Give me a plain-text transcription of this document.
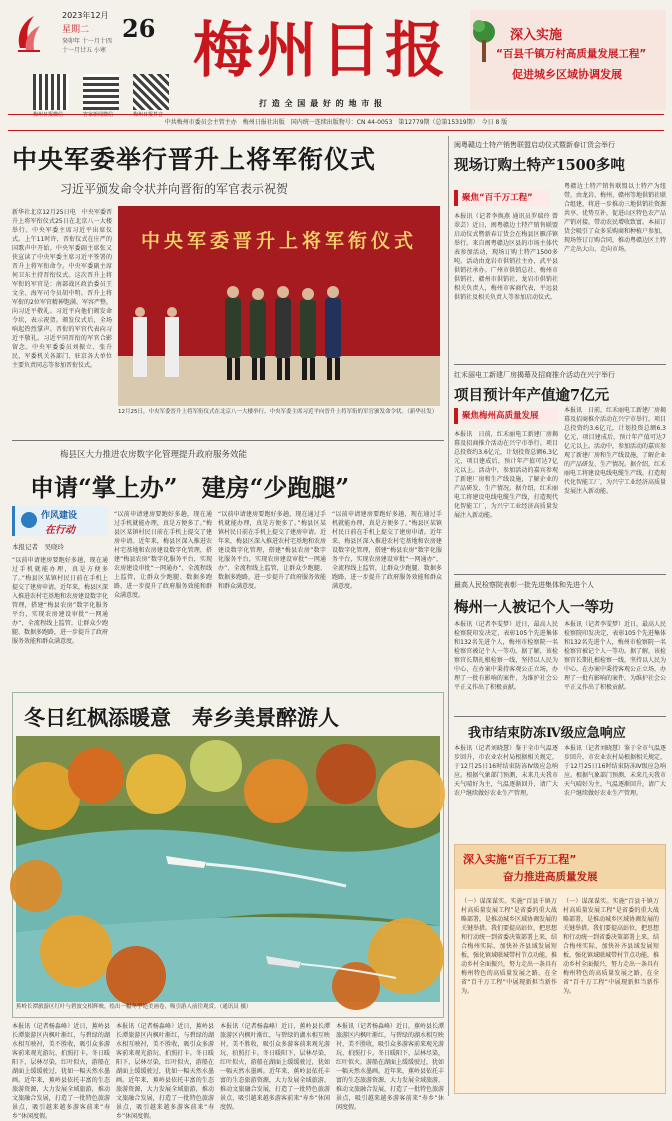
2023年12月
星期二 26
癸卯年 十一月十四
十一月廿五 小寒
梅州日报微信	客家新闻微信	梅州日报抖音
梅州日报
打 造 全 国 最 好 的 地 市 报
深入实施
“百县千镇万村高质量发展工程”
促进城乡区域协调发展
中共梅州市委员会主管主办　梅州日报社出版　国内统一连续出版物号：CN 44-0053　第12779期（总第15319期）　今日 8 版
中央军委举行晋升上将军衔仪式
习近平颁发命令状并向晋衔的军官表示祝贺
新华社北京12月25日电　中央军委晋升上将军衔仪式25日在北京八一大楼举行。中央军委主席习近平出席仪式。上午11时许，晋衔仪式在庄严的国歌声中开始。中央军委副主席张又侠宣读了中央军委主席习近平签署的晋升上将军衔命令。中央军委副主席何卫东主持晋衔仪式。这次晋升上将军衔的军官是：南部战区政治委员王文全、海军司令员胡中明。晋升上将军衔的2位军官精神饱满、军容严整，向习近平敬礼。习近平向他们颁发命令状，表示祝贺。颁发仪式后，全场响起热烈掌声。晋衔的军官代表向习近平敬礼。习近平同晋衔的军官合影留念。中央军委委员刘振立、张升民，军委机关各部门、驻京各大单位主要负责同志等参加晋衔仪式。
中央军委晋升上将军衔仪式
12月25日，中央军委晋升上将军衔仪式在北京八一大楼举行。中央军委主席习近平向晋升上将军衔的军官颁发命令状。（新华社发）
梅县区大力推进农房数字化管理提升政府服务效能
申请“掌上办”　建房“少跑腿”
作风建设
在行动
本报记者　吴晓玲
“以前申请建房要跑好多趟，现在通过手机就能办理，真是方便多了。”梅县区某镇村民日前在手机上提交了建房申请。近年来，梅县区深入推进农村宅基地和农房建设数字化管理，搭建“梅县农房”数字化服务平台，实现农房建设审批“一网通办”、全流程线上监管，让群众少跑腿、数据多跑路，进一步提升了政府服务效能和群众满意度。
“以前申请建房要跑好多趟，现在通过手机就能办理，真是方便多了。”梅县区某镇村民日前在手机上提交了建房申请。近年来，梅县区深入推进农村宅基地和农房建设数字化管理，搭建“梅县农房”数字化服务平台，实现农房建设审批“一网通办”、全流程线上监管，让群众少跑腿、数据多跑路，进一步提升了政府服务效能和群众满意度。
“以前申请建房要跑好多趟，现在通过手机就能办理，真是方便多了。”梅县区某镇村民日前在手机上提交了建房申请。近年来，梅县区深入推进农村宅基地和农房建设数字化管理，搭建“梅县农房”数字化服务平台，实现农房建设审批“一网通办”、全流程线上监管，让群众少跑腿、数据多跑路，进一步提升了政府服务效能和群众满意度。
“以前申请建房要跑好多趟，现在通过手机就能办理，真是方便多了。”梅县区某镇村民日前在手机上提交了建房申请。近年来，梅县区深入推进农村宅基地和农房建设数字化管理，搭建“梅县农房”数字化服务平台，实现农房建设审批“一网通办”、全流程线上监管，让群众少跑腿、数据多跑路，进一步提升了政府服务效能和群众满意度。
冬日红枫添暖意　寿乡美景醉游人
蕉岭长潭旅游区红叶与碧波交相辉映，绘出一幅冬季绝美画卷，吸引游人前往观赏。（通讯员 摄）
本报讯（记者杨淼峰）近日，蕉岭县长潭旅游区内枫叶渐红，与碧绿的湖水相互映衬，美不胜收，吸引众多游客前来观光游玩、拍照打卡。冬日暖阳下，层林尽染，红叶似火，游船在湖面上缓缓驶过，犹如一幅天然水墨画。近年来，蕉岭县依托丰富的生态旅游资源，大力发展全域旅游，推动文旅融合发展，打造了一批特色旅游景点，吸引越来越多游客前来“寿乡”休闲度假。
本报讯（记者杨淼峰）近日，蕉岭县长潭旅游区内枫叶渐红，与碧绿的湖水相互映衬，美不胜收，吸引众多游客前来观光游玩、拍照打卡。冬日暖阳下，层林尽染，红叶似火，游船在湖面上缓缓驶过，犹如一幅天然水墨画。近年来，蕉岭县依托丰富的生态旅游资源，大力发展全域旅游，推动文旅融合发展，打造了一批特色旅游景点，吸引越来越多游客前来“寿乡”休闲度假。
本报讯（记者杨淼峰）近日，蕉岭县长潭旅游区内枫叶渐红，与碧绿的湖水相互映衬，美不胜收，吸引众多游客前来观光游玩、拍照打卡。冬日暖阳下，层林尽染，红叶似火，游船在湖面上缓缓驶过，犹如一幅天然水墨画。近年来，蕉岭县依托丰富的生态旅游资源，大力发展全域旅游，推动文旅融合发展，打造了一批特色旅游景点，吸引越来越多游客前来“寿乡”休闲度假。
本报讯（记者杨淼峰）近日，蕉岭县长潭旅游区内枫叶渐红，与碧绿的湖水相互映衬，美不胜收，吸引众多游客前来观光游玩、拍照打卡。冬日暖阳下，层林尽染，红叶似火，游船在湖面上缓缓驶过，犹如一幅天然水墨画。近年来，蕉岭县依托丰富的生态旅游资源，大力发展全域旅游，推动文旅融合发展，打造了一批特色旅游景点，吸引越来越多游客前来“寿乡”休闲度假。
闽粤赣边土特产销售联盟启动仪式暨新春订货会举行
现场订购土特产1500多吨
聚焦“百千万工程”
本报讯（记者李焕燕 通讯员罗瑞玲 曾翠芸）近日，闽粤赣边土特产销售联盟启动仪式暨新春订货会在梅县区雁洋镇举行。来自闽粤赣边区县的市场主体代表参加活动，现场订购土特产1500多吨。活动由龙岩市供销社主办，武平县供销社承办。广州市供销总社、梅州市供销社、赣州市供销社、龙岩市供销社相关负责人，梅州市客商代表，平远县供销社及相关负责人等参加启动仪式。
粤赣边土特产销售联盟以土特产为纽带，由龙岩、梅州、赣州等地供销社联合组建，将进一步推动三地供销社资源共享、优势互补，促进山区特色农产品产销对接，带动农民增收致富。本届订货会吸引了众多采购商和种植户参加，现场签订订购合同，推动粤赣边区土特产走出大山、走向市场。
红禾丽电工新建厂房揭幕及招商推介活动在兴宁举行
项目预计年产值逾7亿元
聚焦梅州高质量发展
本报讯　日前，红禾丽电工新建厂房揭幕及招商推介活动在兴宁市举行。项目总投资约3.6亿元，计划投资总额6.3亿元，项目建成后，预计年产值可达7亿元以上。活动中，参加活动的嘉宾参观了新建厂房和生产线设施，了解企业的产品研发、生产情况。据介绍，红禾丽电工将建设电线电缆生产线，打造现代化智能工厂，为兴宁工业经济高质量发展注入新动能。
本报讯　日前，红禾丽电工新建厂房揭幕及招商推介活动在兴宁市举行。项目总投资约3.6亿元，计划投资总额6.3亿元，项目建成后，预计年产值可达7亿元以上。活动中，参加活动的嘉宾参观了新建厂房和生产线设施，了解企业的产品研发、生产情况。据介绍，红禾丽电工将建设电线电缆生产线，打造现代化智能工厂，为兴宁工业经济高质量发展注入新动能。
最高人民检察院表彰一批先进集体和先进个人
梅州一人被记个人一等功
本报讯（记者李雯梦）近日，最高人民检察院印发决定，表彰105个先进集体和132名先进个人，梅州市检察院一名检察官被记个人一等功。据了解，该检察官长期扎根检察一线，坚持以人民为中心，在办案中秉持客观公正立场，办理了一批有影响的案件，为维护社会公平正义作出了积极贡献。
本报讯（记者李雯梦）近日，最高人民检察院印发决定，表彰105个先进集体和132名先进个人，梅州市检察院一名检察官被记个人一等功。据了解，该检察官长期扎根检察一线，坚持以人民为中心，在办案中秉持客观公正立场，办理了一批有影响的案件，为维护社会公平正义作出了积极贡献。
我市结束防冻Ⅳ级应急响应
本报讯（记者刘晓慧）鉴于全市气温逐步回升，市农业农村局根据相关规定，于12月25日16时结束防冻Ⅳ级应急响应。根据气象部门预测，未来几天我市天气晴好为主，气温逐渐回升，请广大农户继续做好农业生产管理。
本报讯（记者刘晓慧）鉴于全市气温逐步回升，市农业农村局根据相关规定，于12月25日16时结束防冻Ⅳ级应急响应。根据气象部门预测，未来几天我市天气晴好为主，气温逐渐回升，请广大农户继续做好农业生产管理。
深入实施“百千万工程”
奋力推进高质量发展
（一）谋深谋实。实施“百县千镇万村高质量发展工程”是省委的重大战略部署，是推动城乡区域协调发展的关键举措。我们要提高站位，把思想和行动统一到省委决策部署上来，结合梅州实际，加快补齐县域发展短板，强化镇域联城带村节点功能，推动乡村全面振兴，努力走出一条具有梅州特色的高质量发展之路，在全省“百千万工程”中展现新担当新作为。
（一）谋深谋实。实施“百县千镇万村高质量发展工程”是省委的重大战略部署，是推动城乡区域协调发展的关键举措。我们要提高站位，把思想和行动统一到省委决策部署上来，结合梅州实际，加快补齐县域发展短板，强化镇域联城带村节点功能，推动乡村全面振兴，努力走出一条具有梅州特色的高质量发展之路，在全省“百千万工程”中展现新担当新作为。
